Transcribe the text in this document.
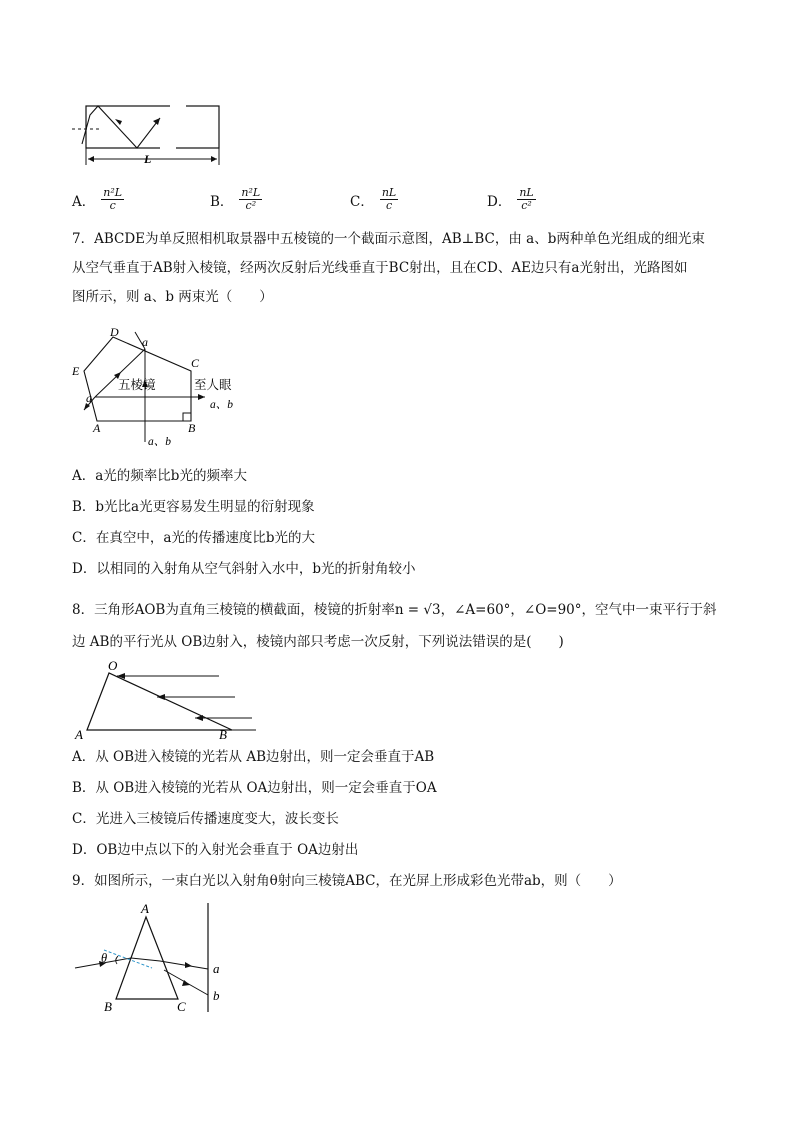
L
A． $\frac{\text{n²L}}{c}$	B． $\frac{\text{n²L}}{\text{c²}}$	C． $\frac{nL}{c}$	D． $\frac{nL}{\text{c²}}$
7．ABCDE为单反照相机取景器中五棱镜的一个截面示意图，AB⊥BC，由 a、b两种单色光组成的细光束
从空气垂直于AB射入棱镜，经两次反射后光线垂直于BC射出，且在CD、AE边只有a光射出，光路图如
图所示，则 a、b 两束光（　　）
D
C
E
A	B
a
a
五棱镜	至人眼
a、b
a、b
A．a光的频率比b光的频率大
B．b光比a光更容易发生明显的衍射现象
C．在真空中，a光的传播速度比b光的大
D．以相同的入射角从空气斜射入水中，b光的折射角较小
8．三角形AOB为直角三棱镜的横截面，棱镜的折射率n = √3，∠A=60°，∠O=90°，空气中一束平行于斜
边 AB的平行光从 OB边射入，棱镜内部只考虑一次反射，下列说法错误的是(　　)
O
A	B
A．从 OB进入棱镜的光若从 AB边射出，则一定会垂直于AB
B．从 OB进入棱镜的光若从 OA边射出，则一定会垂直于OA
C．光进入三棱镜后传播速度变大，波长变长
D．OB边中点以下的入射光会垂直于 OA边射出
9．如图所示，一束白光以入射角θ射向三棱镜ABC，在光屏上形成彩色光带ab，则（　　）
A
B	C
θ
a
b
